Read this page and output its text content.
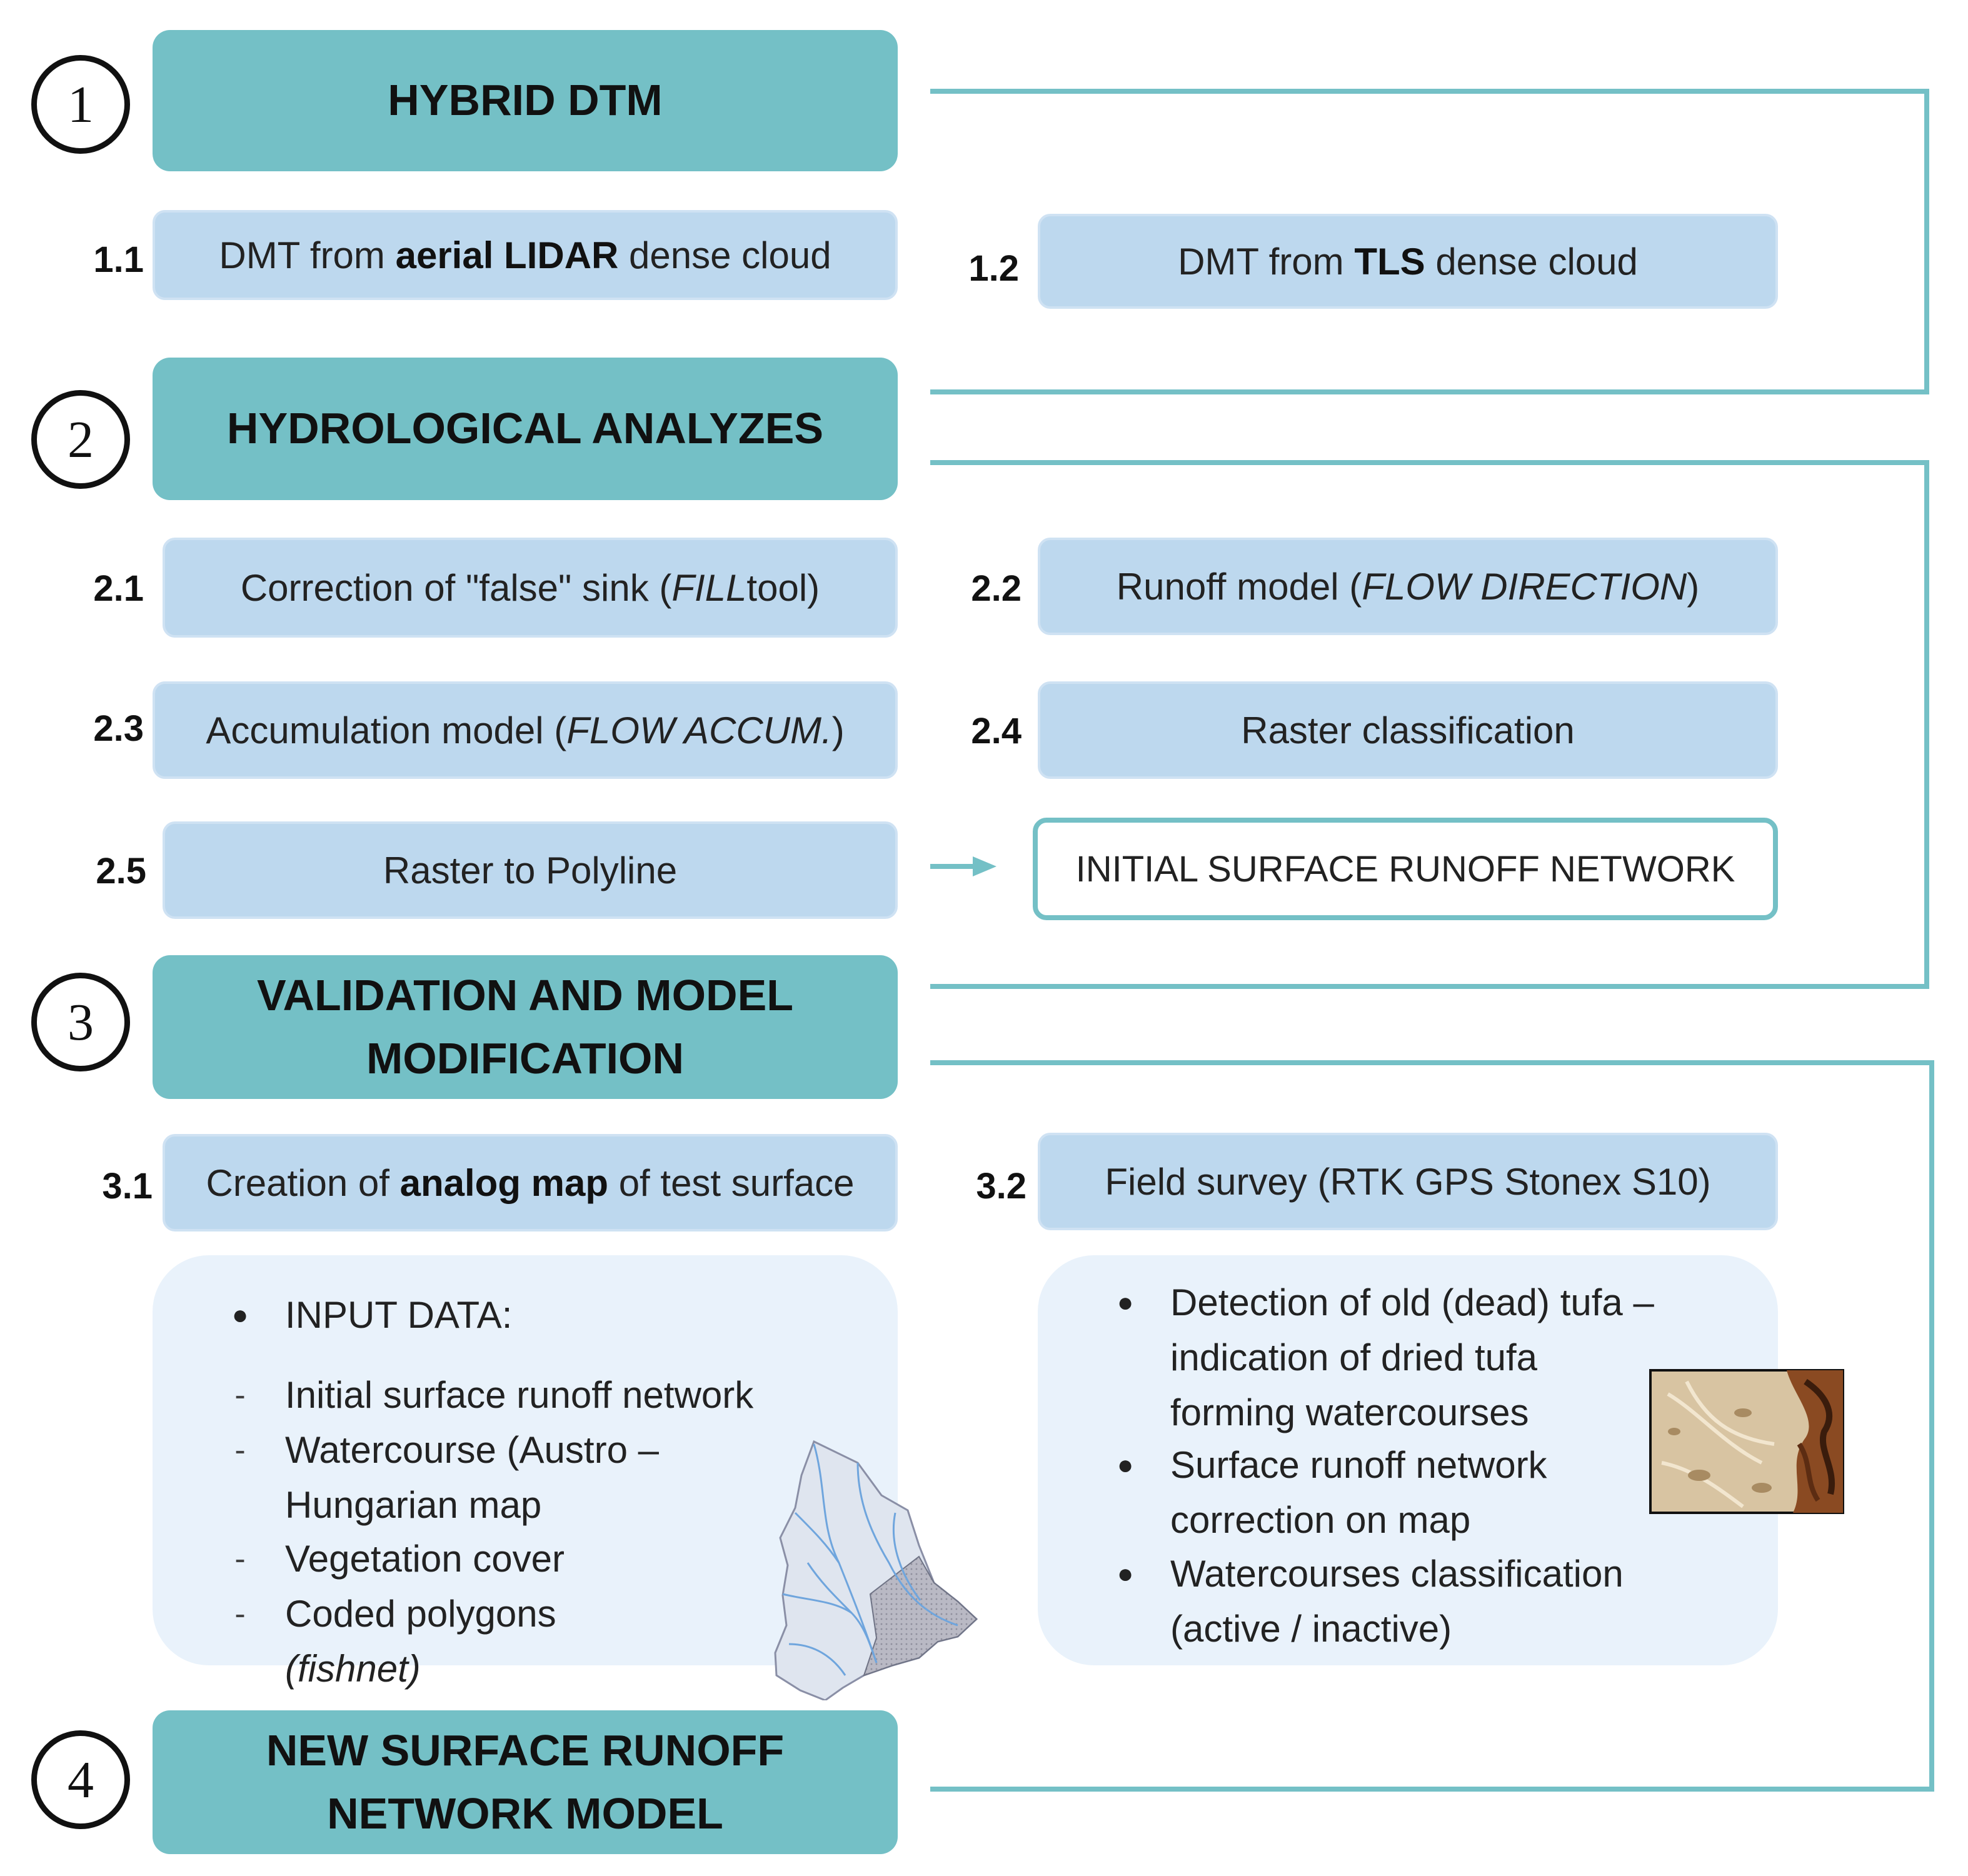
1	HYBRID DTM
1.1 DMT from
aerial LIDAR
dense cloud	1.2	DMT from
TLS
dense cloud
2	HYDROLOGICAL ANALYZES
2.1	Correction of "false" sink ( FILL tool)	2.2	Runoff model ( FLOW DIRECTION )
2.3 Accumulation model ( FLOW ACCUM. )	2.4	Raster classification
2.5	Raster to Polyline	INITIAL SURFACE RUNOFF NETWORK
3	VALIDATION AND MODEL
MODIFICATION
3.1 Creation of
analog map
of test surface	3.2 Field survey (RTK GPS Stonex S10)
● INPUT DATA:
- Initial surface runoff network
- Watercourse (Austro –
Hungarian map
- Vegetation cover
- Coded polygons
(fishnet)
● Detection of old (dead) tufa –
indication of dried tufa
forming watercourses
● Surface runoff network
correction on map
● Watercourses classification
(active / inactive)
4
NEW SURFACE RUNOFF
NETWORK MODEL
